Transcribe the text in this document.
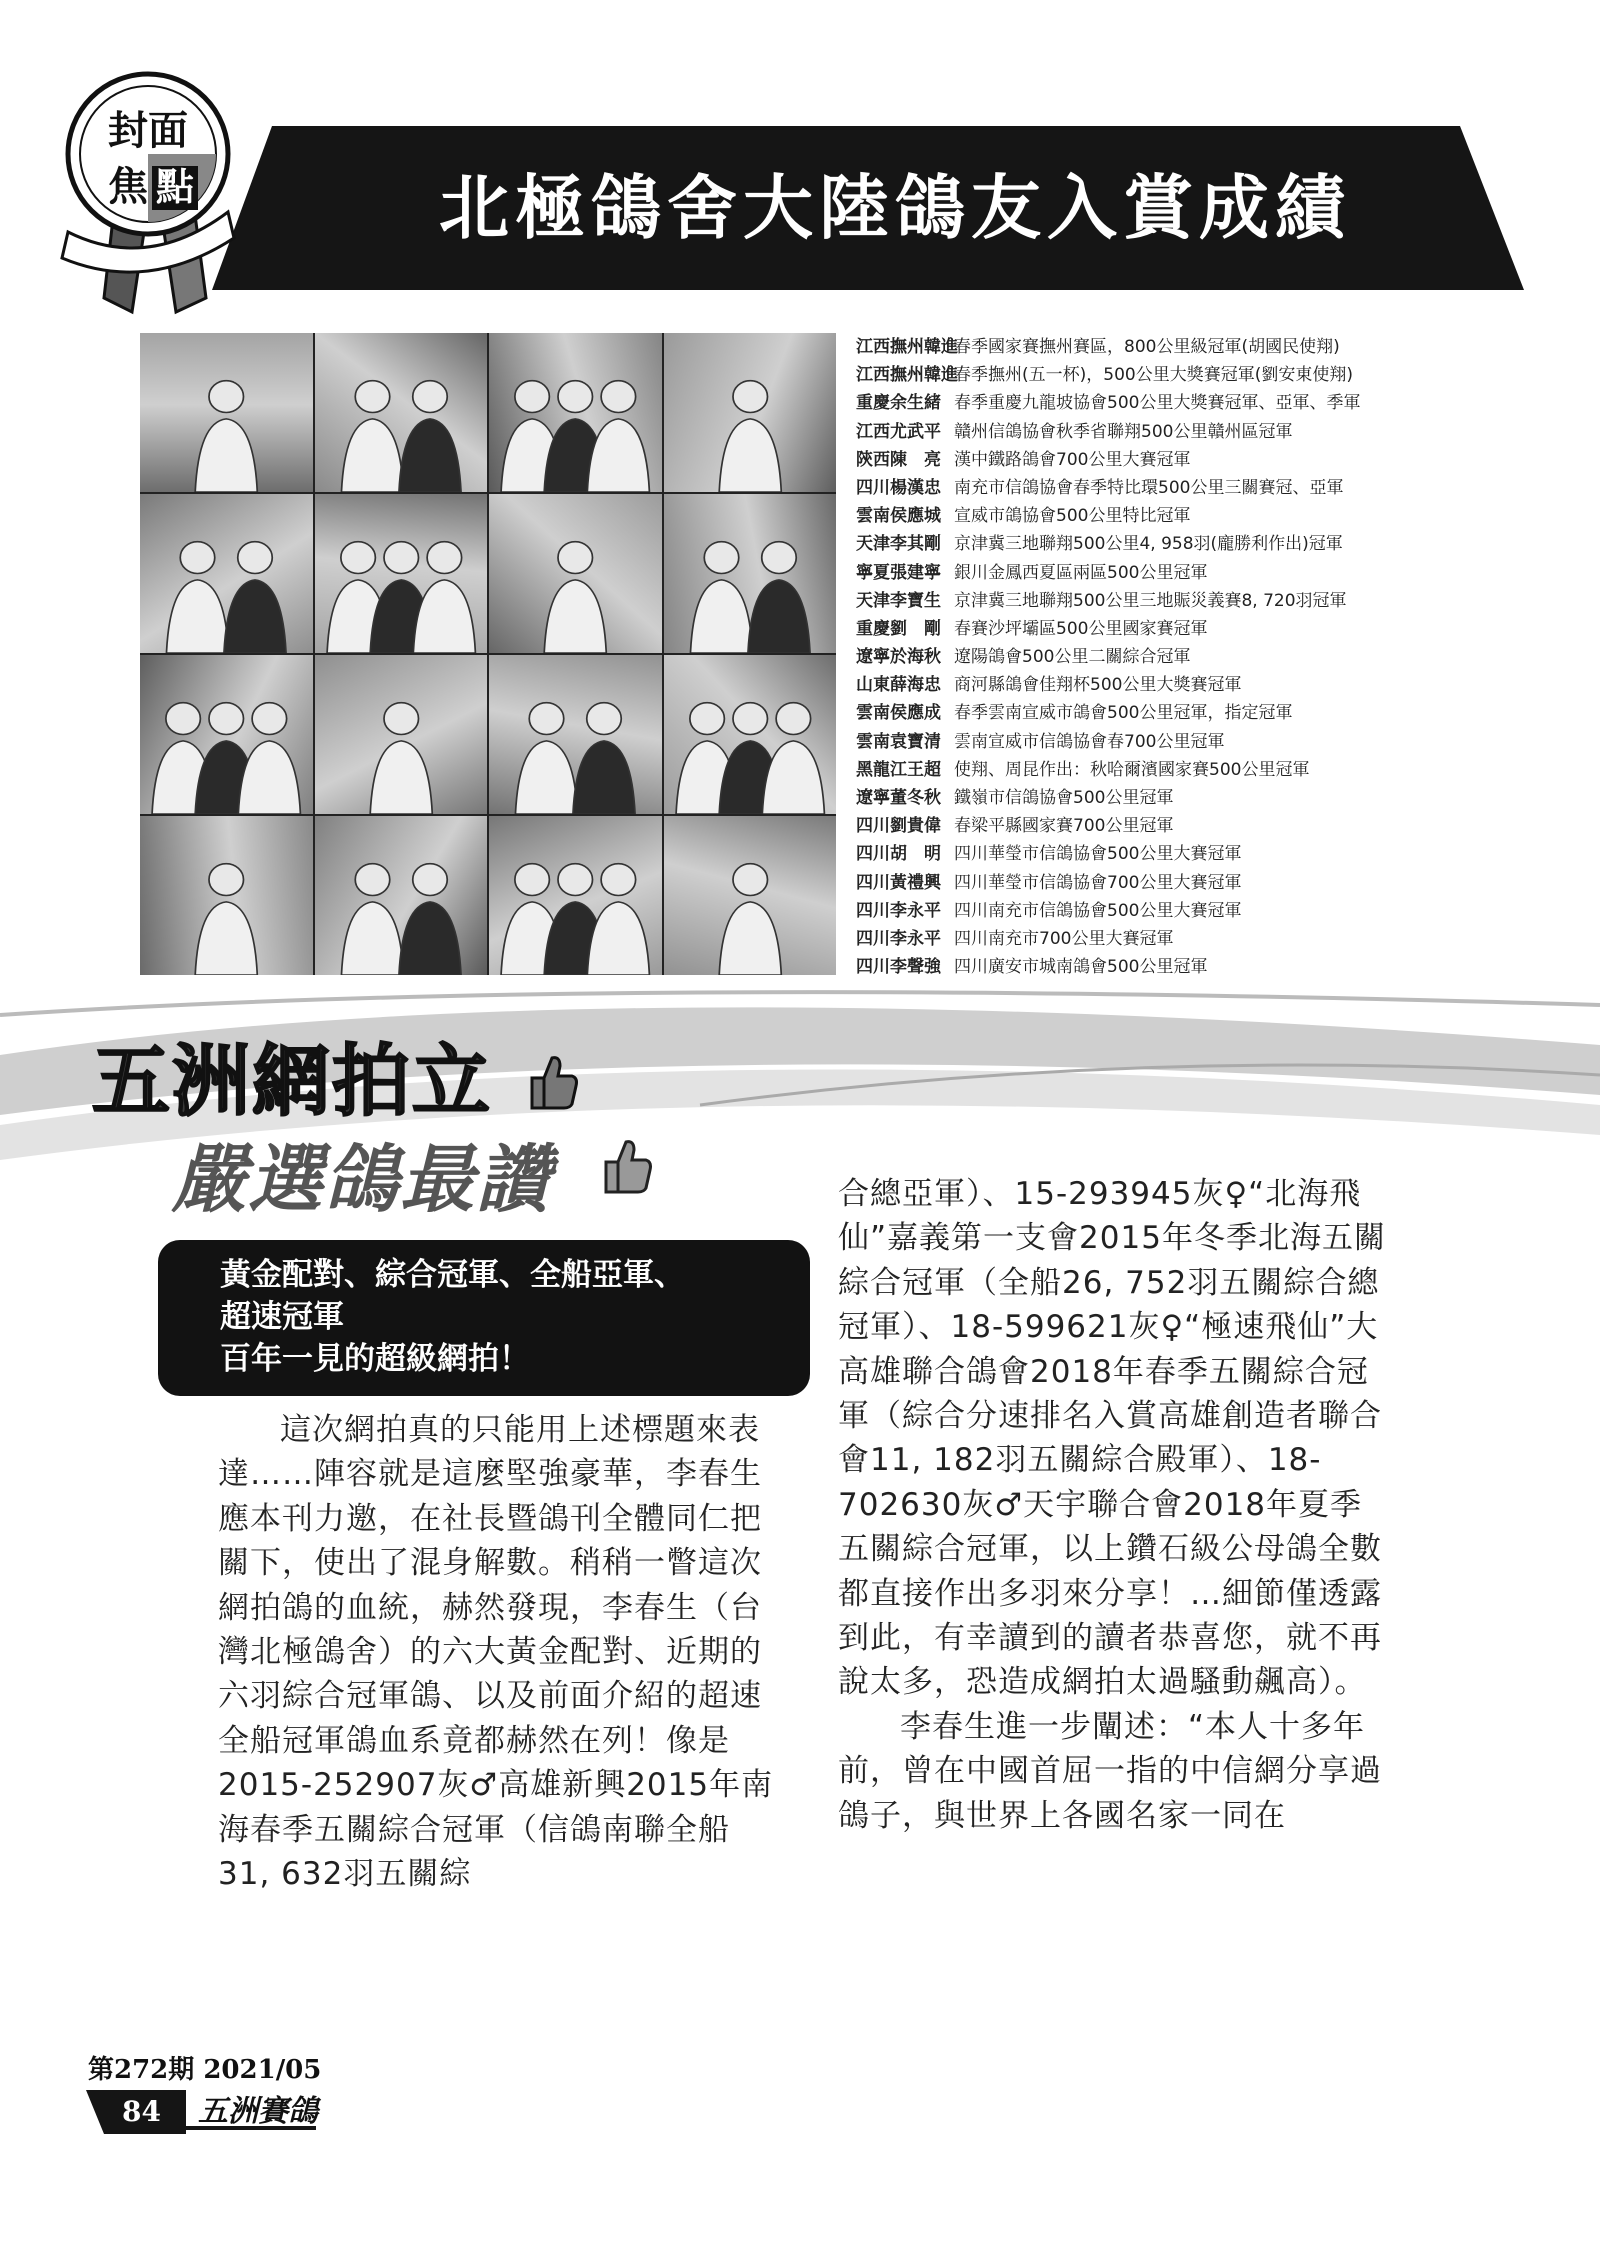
封面
焦 點	北極鴿舍大陸鴿友入賞成績
江西撫州韓進春季國家賽撫州賽區，800公里級冠軍(胡國民使翔)
江西撫州韓進春季撫州(五一杯)，500公里大獎賽冠軍(劉安東使翔)
重慶余生緒 春季重慶九龍坡協會500公里大獎賽冠軍、亞軍、季軍
江西尤武平 贛州信鴿協會秋季省聯翔500公里贛州區冠軍
陝西陳　亮 漢中鐵路鴿會700公里大賽冠軍
四川楊漢忠 南充市信鴿協會春季特比環500公里三關賽冠、亞軍
雲南侯應城 宣威市鴿協會500公里特比冠軍
天津李其剛 京津冀三地聯翔500公里4, 958羽(龐勝利作出)冠軍
寧夏張建寧 銀川金鳳西夏區兩區500公里冠軍
天津李寶生 京津冀三地聯翔500公里三地賑災義賽8, 720羽冠軍
重慶劉　剛 春賽沙坪壩區500公里國家賽冠軍
遼寧於海秋 遼陽鴿會500公里二關綜合冠軍
山東薛海忠 商河縣鴿會佳翔杯500公里大獎賽冠軍
雲南侯應成 春季雲南宣威市鴿會500公里冠軍，指定冠軍
雲南袁寶清 雲南宣威市信鴿協會春700公里冠軍
黑龍江王超 使翔、周昆作出：秋哈爾濱國家賽500公里冠軍
遼寧董冬秋 鐵嶺市信鴿協會500公里冠軍
四川劉貴偉 春梁平縣國家賽700公里冠軍
四川胡　明 四川華瑩市信鴿協會500公里大賽冠軍
四川黃禮興 四川華瑩市信鴿協會700公里大賽冠軍
四川李永平 四川南充市信鴿協會500公里大賽冠軍
四川李永平 四川南充市700公里大賽冠軍
四川李聲強 四川廣安市城南鴿會500公里冠軍
五洲網拍立
嚴選鴿最讚
黃金配對、綜合冠軍、全船亞軍、
超速冠軍
百年一見的超級網拍！

這次網拍真的只能用上述標題來表達……陣容就是這麼堅強豪華，李春生應本刊力邀，在社長暨鴿刊全體同仁把關下，使出了混身解數。稍稍一瞥這次網拍鴿的血統，赫然發現，李春生（台灣北極鴿舍）的六大黃金配對、近期的六羽綜合冠軍鴿、以及前面介紹的超速全船冠軍鴿血系竟都赫然在列！像是2015-252907灰♂高雄新興2015年南海春季五關綜合冠軍（信鴿南聯全船31, 632羽五關綜

合總亞軍）、15-293945灰♀“北海飛仙”嘉義第一支會2015年冬季北海五關綜合冠軍（全船26, 752羽五關綜合總冠軍）、18-599621灰♀“極速飛仙”大高雄聯合鴿會2018年春季五關綜合冠軍（綜合分速排名入賞高雄創造者聯合會11, 182羽五關綜合殿軍）、18-702630灰♂天宇聯合會2018年夏季五關綜合冠軍，以上鑽石級公母鴿全數都直接作出多羽來分享！…細節僅透露到此，有幸讀到的讀者恭喜您，就不再說太多，恐造成網拍太過騷動飆高）。

李春生進一步闡述：“本人十多年前，曾在中國首屈一指的中信網分享過鴿子，與世界上各國名家一同在

第272期 2021/05
84	五洲賽鴿
